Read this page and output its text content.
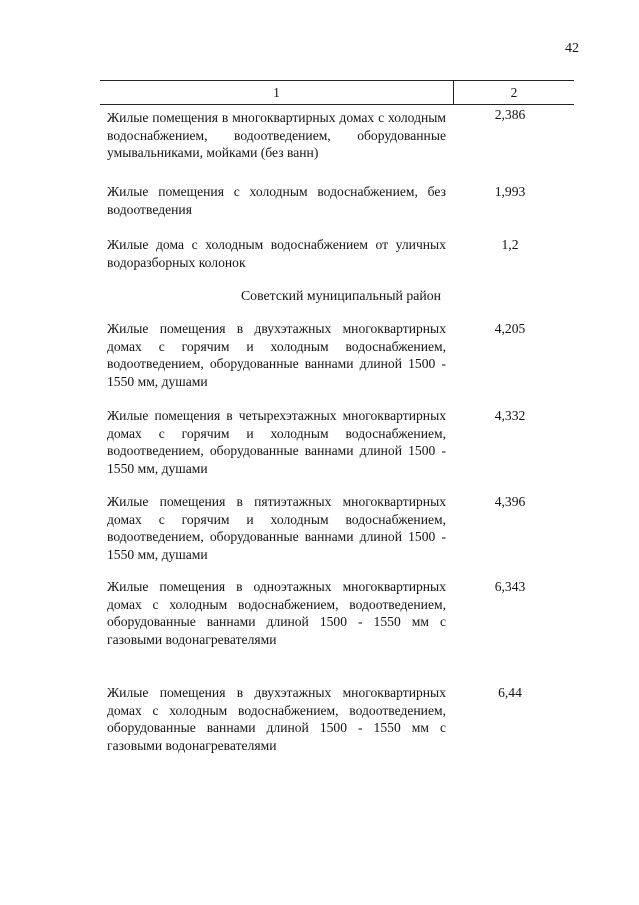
42
1	2
Жилые помещения в многоквартирных домах с холодным водоснабжением, водоотведением, оборудованные умывальниками, мойками (без ванн)
2,386
Жилые помещения с холодным водоснабжением, без водоотведения
1,993
Жилые дома с холодным водоснабжением от уличных водоразборных колонок
1,2
Советский муниципальный район
Жилые помещения в двухэтажных многоквартирных домах с горячим и холодным водоснабжением, водоотведением, оборудованные ваннами длиной 1500 - 1550 мм, душами
4,205
Жилые помещения в четырехэтажных многоквартирных домах с горячим и холодным водоснабжением, водоотведением, оборудованные ваннами длиной 1500 - 1550 мм, душами
4,332
Жилые помещения в пятиэтажных многоквартирных домах с горячим и холодным водоснабжением, водоотведением, оборудованные ваннами длиной 1500 - 1550 мм, душами
4,396
Жилые помещения в одноэтажных многоквартирных домах с холодным водоснабжением, водоотведением, оборудованные ваннами длиной 1500 - 1550 мм с газовыми водонагревателями
6,343
Жилые помещения в двухэтажных многоквартирных домах с холодным водоснабжением, водоотведением, оборудованные ваннами длиной 1500 - 1550 мм с газовыми водонагревателями
6,44
